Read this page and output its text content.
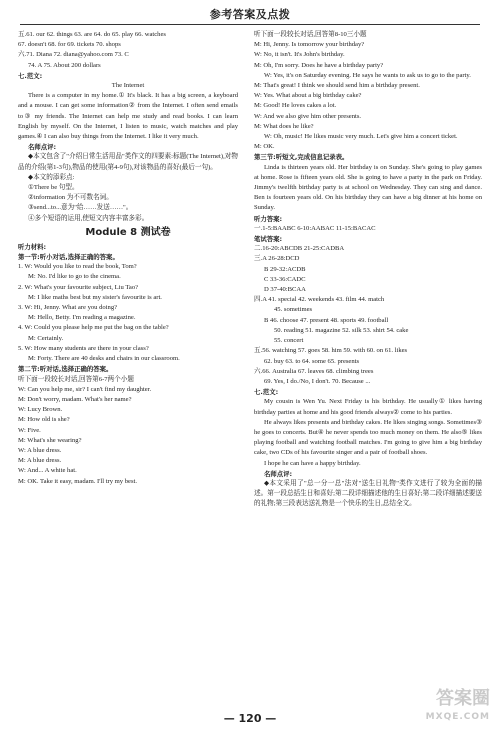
参考答案及点拨
五.61. our 62. things 63. are 64. do 65. play 66. watches
67. doesn't 68. for 69. tickets 70. shops
六.71. Diana 72. diana@yahoo.com 73. C
74. A 75. About 200 dollars
七.范文:
The Internet
There is a computer in my home.① It's black. It has a big screen, a keyboard and a mouse. I can get some information② from the Internet. I often send emails to③ my friends. The Internet can help me study and read books. I can learn English by myself. On the Internet, I listen to music, watch matches and play games.④ I can also buy things from the Internet. I like it very much.
名师点评:
◆本文包含了"介绍日常生活用品"类作文的四要素:标题(The Internet),对物品的介绍(第1-3句),物品的使用(第4-9句),对该物品的喜好(最后一句)。
◆本文的添彩点:
①There be 句型。
②information 为不可数名词。
③send...to...意为"给……发送……"。
④多个短语的运用,使短文内容丰富多彩。
Module 8 测试卷
听力材料:
第一节:听小对话,选择正确的答案。
1. W: Would you like to read the book, Tom?
M: No. I'd like to go to the cinema.
2. W: What's your favourite subject, Liu Tao?
M: I like maths best but my sister's favourite is art.
3. W: Hi, Jenny. What are you doing?
M: Hello, Betty. I'm reading a magazine.
4. W: Could you please help me put the bag on the table?
M: Certainly.
5. W: How many students are there in your class?
M: Forty. There are 40 desks and chairs in our classroom.
第二节:听对话,选择正确的答案。
听下面一段较长对话,回答第6-7两个小题
W: Can you help me, sir? I can't find my daughter.
M: Don't worry, madam. What's her name?
W: Lucy Brown.
M: How old is she?
W: Five.
M: What's she wearing?
W: A blue dress.
M: A blue dress.
W: And... A white hat.
M: OK. Take it easy, madam. I'll try my best.
听下面一段较长对话,回答第8-10三小题
M: Hi, Jenny. Is tomorrow your birthday?
W: No, it isn't. It's John's birthday.
M: Oh, I'm sorry. Does he have a birthday party?
W: Yes, it's on Saturday evening. He says he wants to ask us to go to the party.
M: That's great! I think we should send him a birthday present.
W: Yes. What about a big birthday cake?
M: Good! He loves cakes a lot.
W: And we also give him other presents.
M: What does he like?
W: Oh, music! He likes music very much. Let's give him a concert ticket.
M: OK.
第三节:听短文,完成信息记录表。
Linda is thirteen years old. Her birthday is on Sunday. She's going to play games at home. Rose is fifteen years old. She is going to have a party in the park on Friday. Jimmy's twelfth birthday party is at school on Wednesday. They can sing and dance. Ben is fourteen years old. On his birthday they can have a big dinner at his home on Sunday.
听力答案:
一.1-5:BAABC 6-10:AABAC 11-15:BACAC
笔试答案:
二.16-20:ABCDB 21-25:CADBA
三.A 26-28:DCD
B 29-32:ACDB
C 33-36:CADC
D 37-40:BCAA
四.A 41. special 42. weekends 43. film 44. match
45. sometimes
B 46. choose 47. present 48. sports 49. football
50. reading 51. magazine 52. silk 53. shirt 54. cake
55. concert
五.56. watching 57. goes 58. him 59. with 60. on 61. likes
62. buy 63. to 64. some 65. presents
六.66. Australia 67. leaves 68. climbing trees
69. Yes, I do./No, I don't. 70. Because ...
七.范文:
My cousin is Wen Yu. Next Friday is his birthday. He usually① likes having birthday parties at home and his good friends always② come to his parties.
He always likes presents and birthday cakes. He likes singing songs. Sometimes③ he goes to concerts. But④ he never spends too much money on them. He also⑤ likes playing football and watching football matches. I'm going to give him a big birthday cake, two CDs of his favourite singer and a pair of football shoes.
I hope he can have a happy birthday.
名师点评:
◆本文采用了"总一分一总"法对"送生日礼物"类作文进行了较为全面的描述。第一段总括生日和喜好;第二段详细描述他的生日喜好;第二段详细描述要送的礼物;第三段表达送礼物是一个快乐的生日,总结全文。
— 120 —
答案圈
MXQE.COM
